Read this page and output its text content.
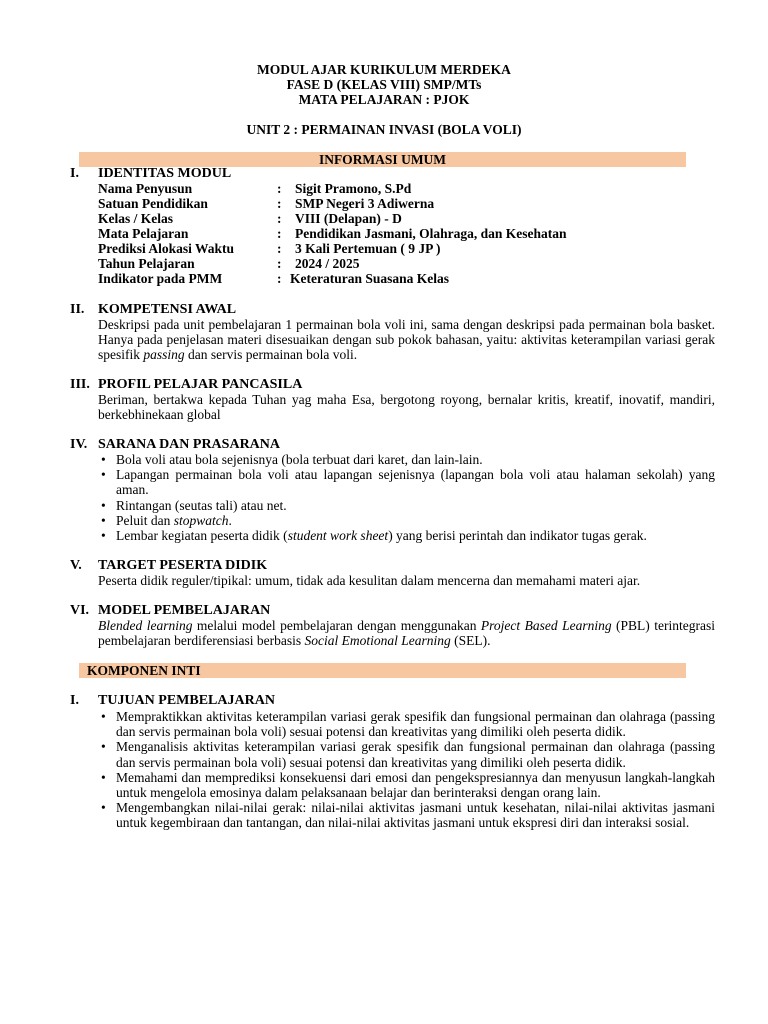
MODUL AJAR KURIKULUM MERDEKA
FASE D (KELAS VIII) SMP/MTs
MATA PELAJARAN : PJOK
UNIT 2 : PERMAINAN INVASI (BOLA VOLI)
INFORMASI UMUM
I. IDENTITAS MODUL
Nama Penyusun	: Sigit Pramono, S.Pd
Satuan Pendidikan	: SMP Negeri 3 Adiwerna
Kelas / Kelas	: VIII (Delapan) - D
Mata Pelajaran	: Pendidikan Jasmani, Olahraga, dan Kesehatan
Prediksi Alokasi Waktu	: 3 Kali Pertemuan ( 9 JP )
Tahun Pelajaran	: 2024 / 2025
Indikator pada PMM	: Keteraturan Suasana Kelas
II. KOMPETENSI AWAL
Deskripsi pada unit pembelajaran 1 permainan bola voli ini, sama dengan deskripsi pada permainan bola basket. Hanya pada penjelasan materi disesuaikan dengan sub pokok bahasan, yaitu: aktivitas keterampilan variasi gerak spesifik passing dan servis permainan bola voli.
III. PROFIL PELAJAR PANCASILA
Beriman, bertakwa kepada Tuhan yag maha Esa, bergotong royong, bernalar kritis, kreatif, inovatif, mandiri, berkebhinekaan global
IV. SARANA DAN PRASARANA
• Bola voli atau bola sejenisnya (bola terbuat dari karet, dan lain-lain.
• Lapangan permainan bola voli atau lapangan sejenisnya (lapangan bola voli atau halaman sekolah) yang aman.
• Rintangan (seutas tali) atau net.
• Peluit dan stopwatch.
• Lembar kegiatan peserta didik (student work sheet) yang berisi perintah dan indikator tugas gerak.
V. TARGET PESERTA DIDIK
Peserta didik reguler/tipikal: umum, tidak ada kesulitan dalam mencerna dan memahami materi ajar.
VI. MODEL PEMBELAJARAN
Blended learning melalui model pembelajaran dengan menggunakan Project Based Learning (PBL) terintegrasi pembelajaran berdiferensiasi berbasis Social Emotional Learning (SEL).
KOMPONEN INTI
I. TUJUAN PEMBELAJARAN
• Mempraktikkan aktivitas keterampilan variasi gerak spesifik dan fungsional permainan dan olahraga (passing dan servis permainan bola voli) sesuai potensi dan kreativitas yang dimiliki oleh peserta didik.
• Menganalisis aktivitas keterampilan variasi gerak spesifik dan fungsional permainan dan olahraga (passing dan servis permainan bola voli) sesuai potensi dan kreativitas yang dimiliki oleh peserta didik.
• Memahami dan memprediksi konsekuensi dari emosi dan pengekspresiannya dan menyusun langkah-langkah untuk mengelola emosinya dalam pelaksanaan belajar dan berinteraksi dengan orang lain.
• Mengembangkan nilai-nilai gerak: nilai-nilai aktivitas jasmani untuk kesehatan, nilai-nilai aktivitas jasmani untuk kegembiraan dan tantangan, dan nilai-nilai aktivitas jasmani untuk ekspresi diri dan interaksi sosial.
